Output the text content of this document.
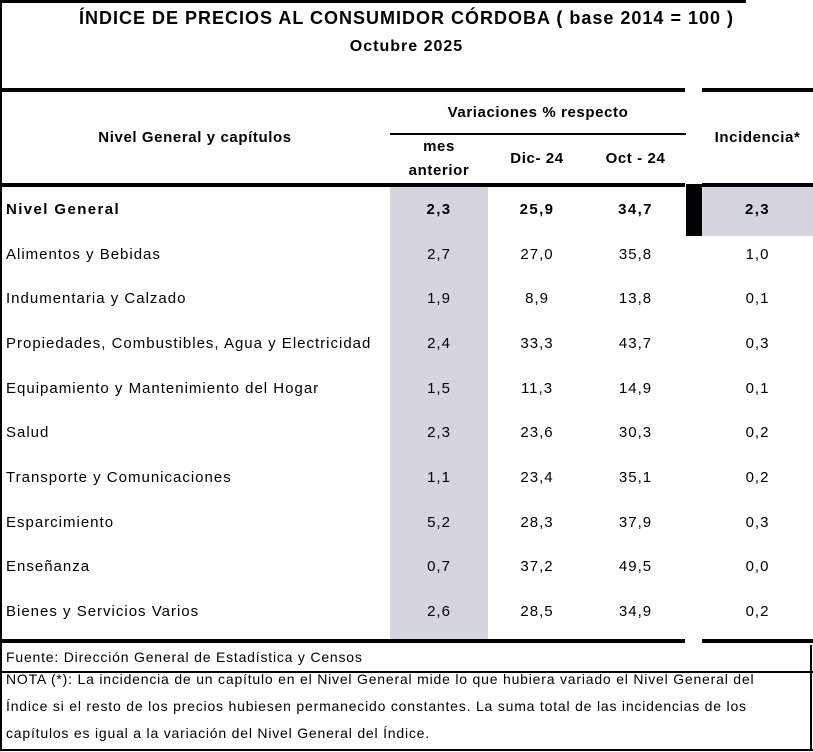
ÍNDICE DE PRECIOS AL CONSUMIDOR CÓRDOBA ( base 2014 = 100 )
Octubre 2025
Nivel General y capítulos
Variaciones % respecto
mes
anterior
Dic- 24	Oct - 24
Incidencia*
Nivel General	2,3	25,9	34,7	2,3
Alimentos y Bebidas	2,7	27,0	35,8	1,0
Indumentaria y Calzado	1,9	8,9	13,8	0,1
Propiedades, Combustibles, Agua y Electricidad	2,4	33,3	43,7	0,3
Equipamiento y Mantenimiento del Hogar	1,5	11,3	14,9	0,1
Salud	2,3	23,6	30,3	0,2
Transporte y Comunicaciones	1,1	23,4	35,1	0,2
Esparcimiento	5,2	28,3	37,9	0,3
Enseñanza	0,7	37,2	49,5	0,0
Bienes y Servicios Varios	2,6	28,5	34,9	0,2
Fuente: Dirección General de Estadística y Censos
NOTA (*): La incidencia de un capítulo en el Nivel General mide lo que hubiera variado el Nivel General del
Índice si el resto de los precios hubiesen permanecido constantes. La suma total de las incidencias de los
capítulos es igual a la variación del Nivel General del Índice.
